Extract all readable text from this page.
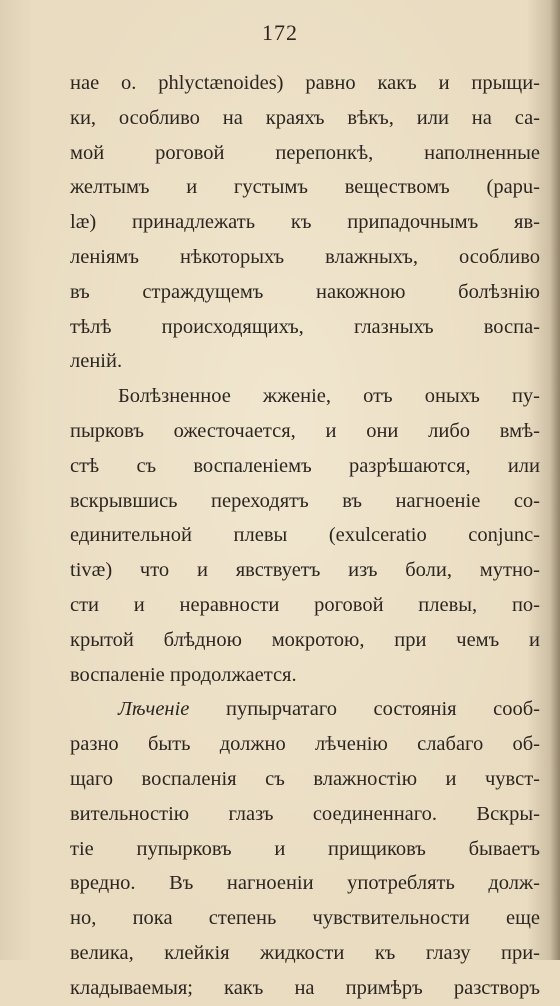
172
нае о. phlyctænoides) равно какъ и прыщи-
ки, особливо на краяхъ вѣкъ, или на са-
мой роговой перепонкѣ, наполненные
желтымъ и густымъ веществомъ (papu-
læ) принадлежать къ припадочнымъ яв-
леніямъ нѣкоторыхъ влажныхъ, особливо
въ страждущемъ накожною болѣзнію
тѣлѣ происходящихъ, глазныхъ воспа-
леній.
Болѣзненное жженіе, отъ оныхъ пу-
пырковъ ожесточается, и они либо вмѣ-
стѣ съ воспаленіемъ разрѣшаются, или
вскрывшись переходятъ въ нагноеніе со-
единительной плевы (exulceratio conjunc-
tivæ) что и явствуетъ изъ боли, мутно-
сти и неравности роговой плевы, по-
крытой блѣдною мокротою, при чемъ и
воспаленіе продолжается.
Лѣченіе пупырчатаго состоянія сооб-
разно быть должно лѣченію слабаго об-
щаго воспаленія съ влажностію и чувст-
вительностію глазъ соединеннаго. Вскры-
тіе пупырковъ и прищиковъ бываетъ
вредно. Въ нагноеніи употреблять долж-
но, пока степень чувствительности еще
велика, клейкія жидкости къ глазу при-
кладываемыя; какъ на примѣръ разстворъ
